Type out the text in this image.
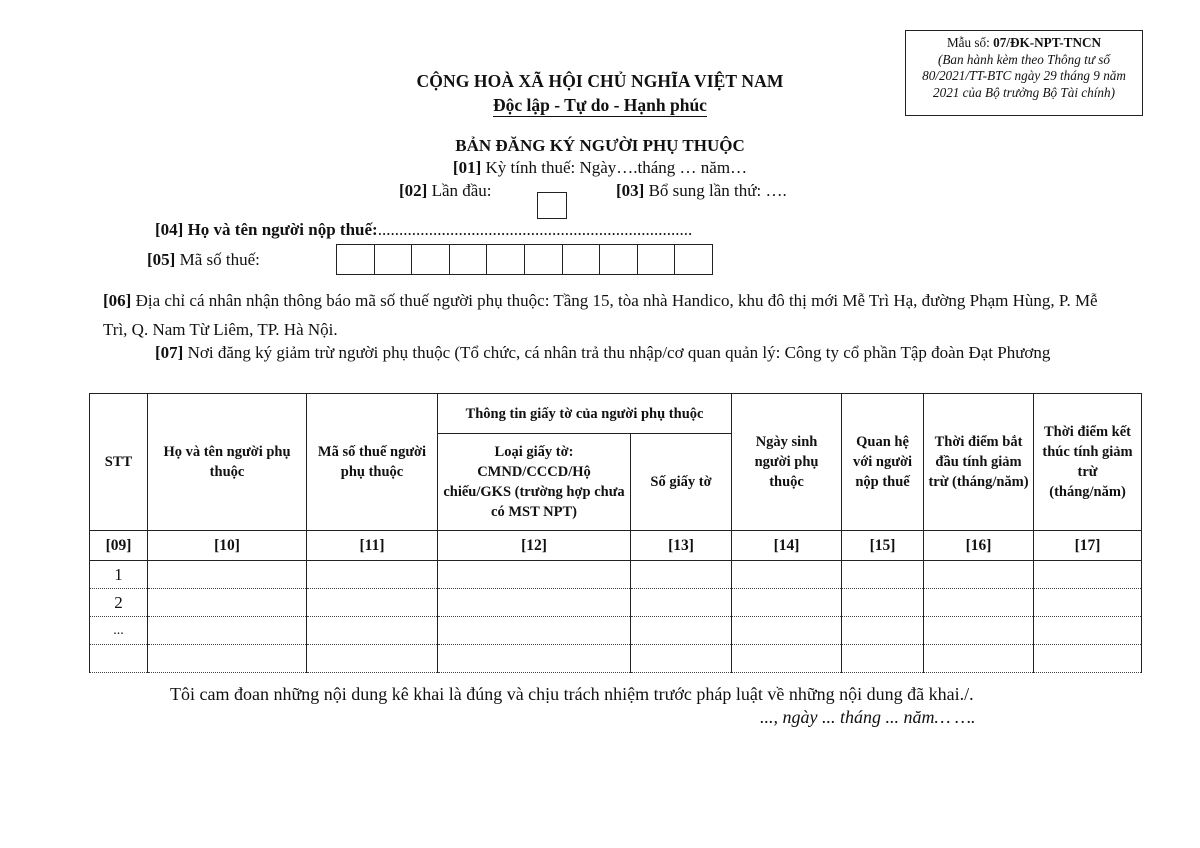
Mẫu số: 07/ĐK-NPT-TNCN
(Ban hành kèm theo Thông tư số
80/2021/TT-BTC ngày 29 tháng 9 năm
2021 của Bộ trưởng Bộ Tài chính)
CỘNG HOÀ XÃ HỘI CHỦ NGHĨA VIỆT NAM
Độc lập - Tự do - Hạnh phúc
BẢN ĐĂNG KÝ NGƯỜI PHỤ THUỘC
[01] Kỳ tính thuế: Ngày….tháng … năm…
[02] Lần đầu:	[03] Bổ sung lần thứ: ….
[04] Họ và tên người nộp thuế:..........................................................................
[05] Mã số thuế:
[06] Địa chỉ cá nhân nhận thông báo mã số thuế người phụ thuộc: Tầng 15, tòa nhà Handico, khu đô thị mới Mễ Trì Hạ, đường Phạm Hùng, P. Mễ Trì, Q. Nam Từ Liêm, TP. Hà Nội.
[07] Nơi đăng ký giảm trừ người phụ thuộc (Tổ chức, cá nhân trả thu nhập/cơ quan quản lý: Công ty cổ phần Tập đoàn Đạt Phương
STT	Họ và tên người phụ thuộc	Mã số thuế người phụ thuộc	Thông tin giấy tờ của người phụ thuộc		Ngày sinh người phụ thuộc	Quan hệ với người nộp thuế	Thời điểm bắt đầu tính giảm trừ (tháng/năm)	Thời điểm kết thúc tính giảm trừ (tháng/năm)
			Loại giấy tờ: CMND/CCCD/Hộ chiếu/GKS (trường hợp chưa có MST NPT)	Số giấy tờ				
[09]	[10]	[11]	[12]	[13]	[14]	[15]	[16]	[17]
1								
2								
...								

Tôi cam đoan những nội dung kê khai là đúng và chịu trách nhiệm trước pháp luật về những nội dung đã khai./.
..., ngày ... tháng ... năm… ….
